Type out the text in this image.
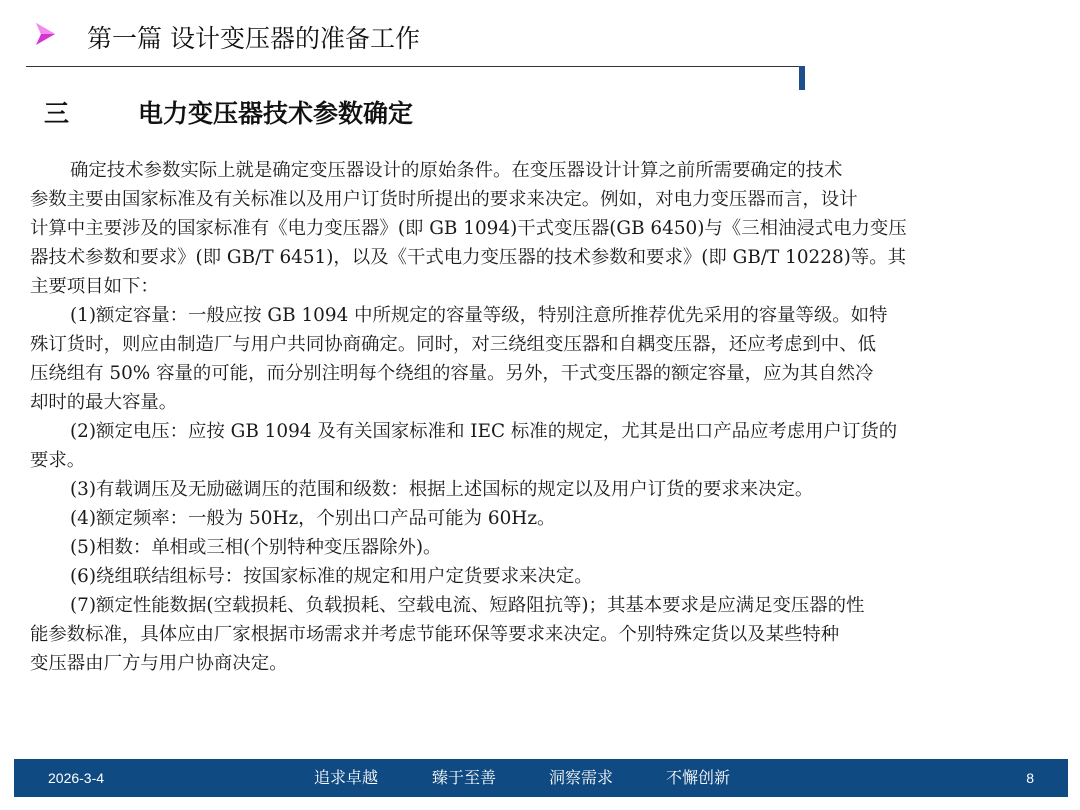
第一篇 设计变压器的准备工作
三	电力变压器技术参数确定
确定技术参数实际上就是确定变压器设计的原始条件。在变压器设计计算之前所需要确定的技术
参数主要由国家标准及有关标准以及用户订货时所提出的要求来决定。例如，对电力变压器而言，设计
计算中主要涉及的国家标准有《电力变压器》(即 GB 1094)干式变压器(GB 6450)与《三相油浸式电力变压
器技术参数和要求》(即 GB/T 6451)，以及《干式电力变压器的技术参数和要求》(即 GB/T 10228)等。其
主要项目如下：
(1)额定容量：一般应按 GB 1094 中所规定的容量等级，特别注意所推荐优先采用的容量等级。如特
殊订货时，则应由制造厂与用户共同协商确定。同时，对三绕组变压器和自耦变压器，还应考虑到中、低
压绕组有 50% 容量的可能，而分别注明每个绕组的容量。另外，干式变压器的额定容量，应为其自然冷
却时的最大容量。
(2)额定电压：应按 GB 1094 及有关国家标准和 IEC 标准的规定，尤其是出口产品应考虑用户订货的
要求。
(3)有载调压及无励磁调压的范围和级数：根据上述国标的规定以及用户订货的要求来决定。
(4)额定频率：一般为 50Hz，个别出口产品可能为 60Hz。
(5)相数：单相或三相(个别特种变压器除外)。
(6)绕组联结组标号：按国家标准的规定和用户定货要求来决定。
(7)额定性能数据(空载损耗、负载损耗、空载电流、短路阻抗等)；其基本要求是应满足变压器的性
能参数标准，具体应由厂家根据市场需求并考虑节能环保等要求来决定。个别特殊定货以及某些特种
变压器由厂方与用户协商决定。
2026-3-4	追求卓越	臻于至善	洞察需求	不懈创新	8
